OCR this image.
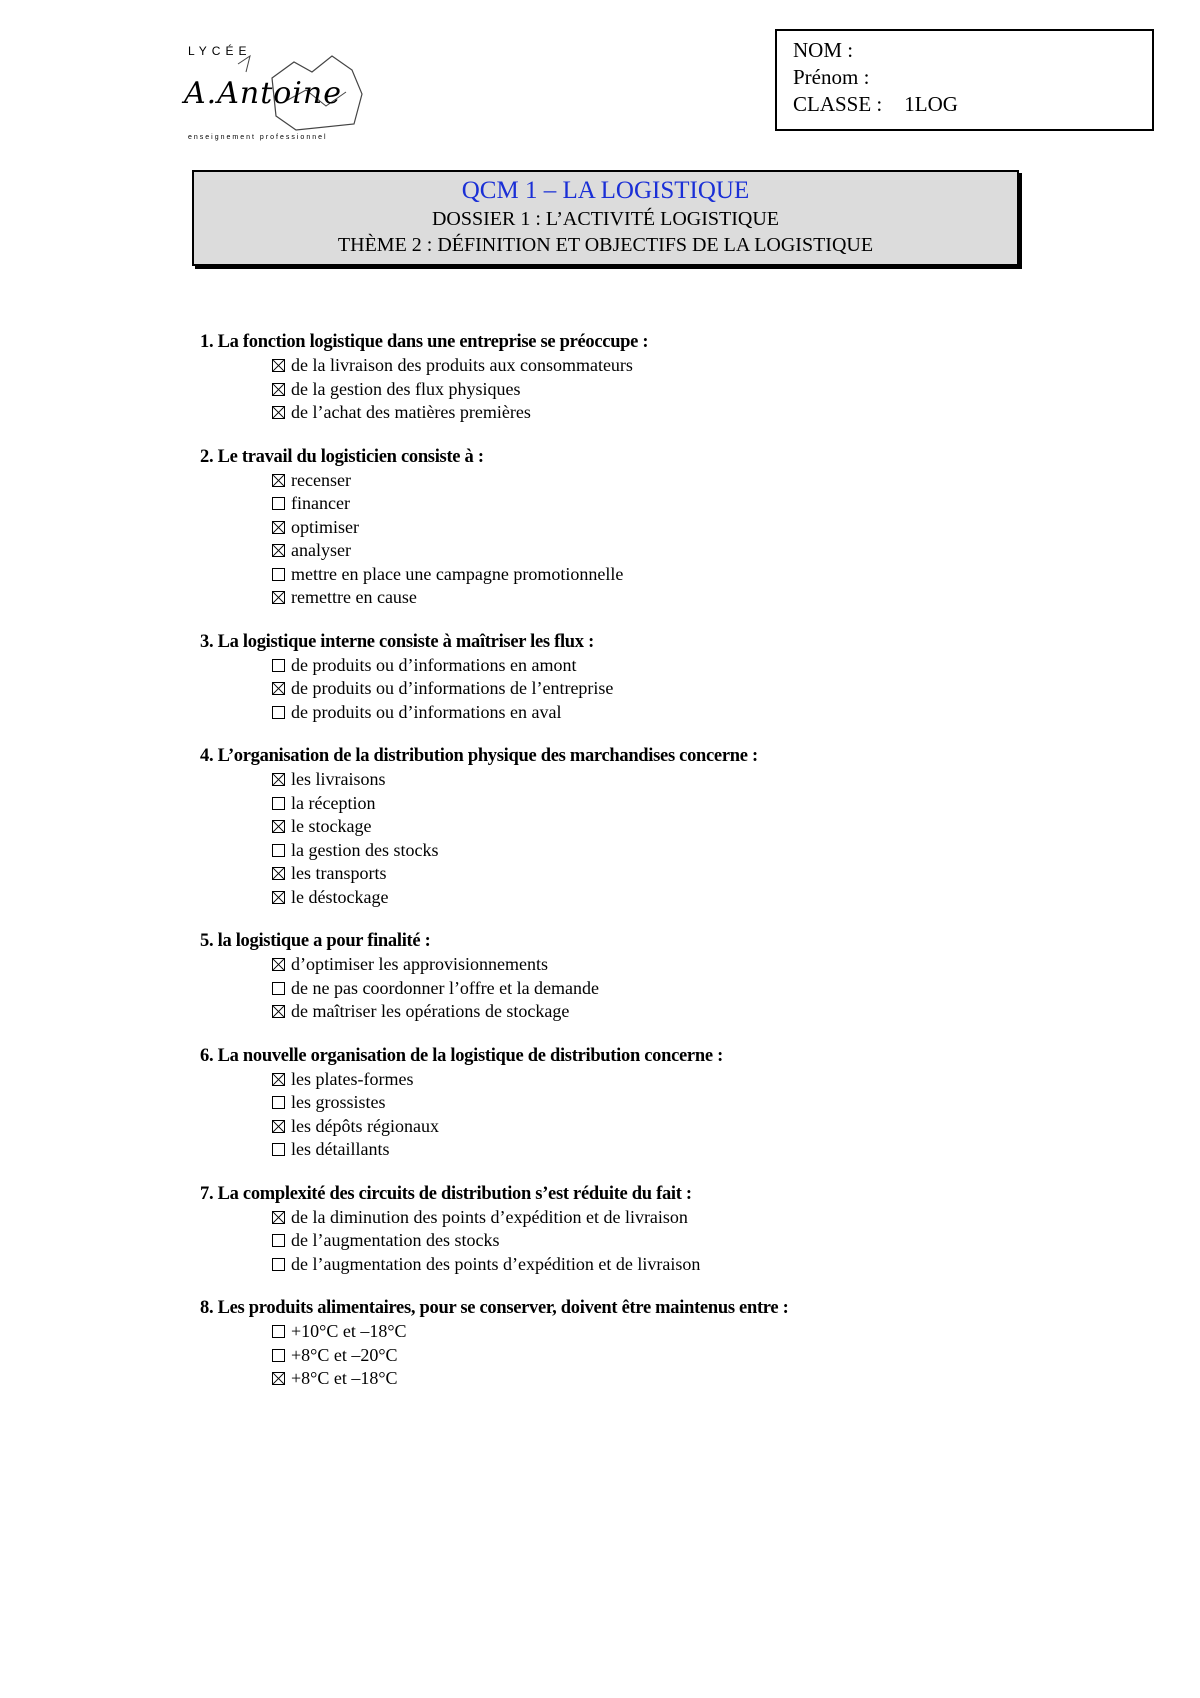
LYCÉE
A.Antoine
enseignement professionnel
NOM :
Prénom :
CLASSE : 1LOG
QCM 1 – LA LOGISTIQUE
DOSSIER 1 : L’ACTIVITÉ LOGISTIQUE
THÈME 2 : DÉFINITION ET OBJECTIFS DE LA LOGISTIQUE
1. La fonction logistique dans une entreprise se préoccupe :
de la livraison des produits aux consommateurs
de la gestion des flux physiques
de l’achat des matières premières
2. Le travail du logisticien consiste à :
recenser
financer
optimiser
analyser
mettre en place une campagne promotionnelle
remettre en cause
3. La logistique interne consiste à maîtriser les flux :
de produits ou d’informations en amont
de produits ou d’informations de l’entreprise
de produits ou d’informations en aval
4. L’organisation de la distribution physique des marchandises concerne :
les livraisons
la réception
le stockage
la gestion des stocks
les transports
le déstockage
5. la logistique a pour finalité :
d’optimiser les approvisionnements
de ne pas coordonner l’offre et la demande
de maîtriser les opérations de stockage
6. La nouvelle organisation de la logistique de distribution concerne :
les plates-formes
les grossistes
les dépôts régionaux
les détaillants
7. La complexité des circuits de distribution s’est réduite du fait :
de la diminution des points d’expédition et de livraison
de l’augmentation des stocks
de l’augmentation des points d’expédition et de livraison
8. Les produits alimentaires, pour se conserver, doivent être maintenus entre :
+10°C et –18°C
+8°C et –20°C
+8°C et –18°C
